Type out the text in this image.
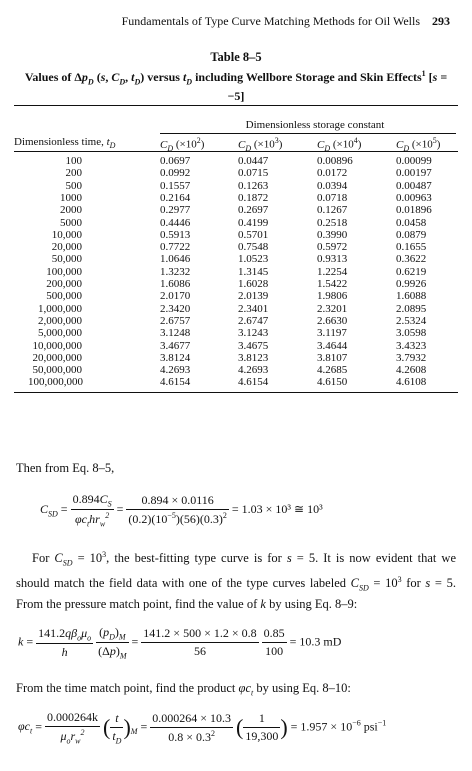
Fundamentals of Type Curve Matching Methods for Oil Wells 293
Table 8–5
Values of $\Delta p_D$ (s, $C_D$, $t_D$) versus $t_D$ including Wellbore Storage and Skin Effects$^1$ [s = −5]
Dimensionless storage constant
Dimensionless time, $t_D$	$C_D$ $(\times 10^2)$	$C_D$ $(\times 10^3)$	$C_D$ $(\times 10^4)$	$C_D$ $(\times 10^5)$
100	0.0697	0.0447	0.00896	0.00099
200	0.0992	0.0715	0.0172	0.00197
500	0.1557	0.1263	0.0394	0.00487
1000	0.2164	0.1872	0.0718	0.00963
2000	0.2977	0.2697	0.1267	0.01896
5000	0.4446	0.4199	0.2518	0.0458
10,000	0.5913	0.5701	0.3990	0.0879
20,000	0.7722	0.7548	0.5972	0.1655
50,000	1.0646	1.0523	0.9313	0.3622
100,000	1.3232	1.3145	1.2254	0.6219
200,000	1.6086	1.6028	1.5422	0.9926
500,000	2.0170	2.0139	1.9806	1.6088
1,000,000	2.3420	2.3401	2.3201	2.0895
2,000,000	2.6757	2.6747	2.6630	2.5324
5,000,000	3.1248	3.1243	3.1197	3.0598
10,000,000	3.4677	3.4675	3.4644	3.4323
20,000,000	3.8124	3.8123	3.8107	3.7932
50,000,000	4.2693	4.2693	4.2685	4.2608
100,000,000	4.6154	4.6154	4.6150	4.6108
Then from Eq. 8–5,
$C_{SD} = \frac{0.894C_S}{\varphi c_thr_w^2} = \frac{0.894 \times 0.0116}{(0.2)(10^{-5})(56)(0.3)^2} = 1.03 \times 10^3$ ≅ 10³
For $C_{SD} = 10^3$, the best-fitting type curve is for s = 5. It is now evident that we should match the field data with one of the type curves labeled $C_{SD} = 10^3$ for s = 5. From the pressure match point, find the value of k by using Eq. 8–9:
$k = \frac{141.2q\beta_o\mu_o}{h}$
$\frac{(p_D)_M}{(\Delta p)_M} = \frac{141.2 \times 500 \times 1.2 \times 0.8}{56}$
$\frac{0.85}{100} = 10.3$ mD
From the time match point, find the product $\varphi c_t$ by using Eq. 8–10:
$\varphi c_t = \frac{0.000264k}{\mu_or_w^2}$ ( $\frac{t}{t_D} )_M = \frac{0.000264 \times 10.3}{0.8 \times 0.3^2}$ ( $\frac{1}{19,300}$ ) = $1.957 \times 10^{-6}$ psi$^{-1}$
